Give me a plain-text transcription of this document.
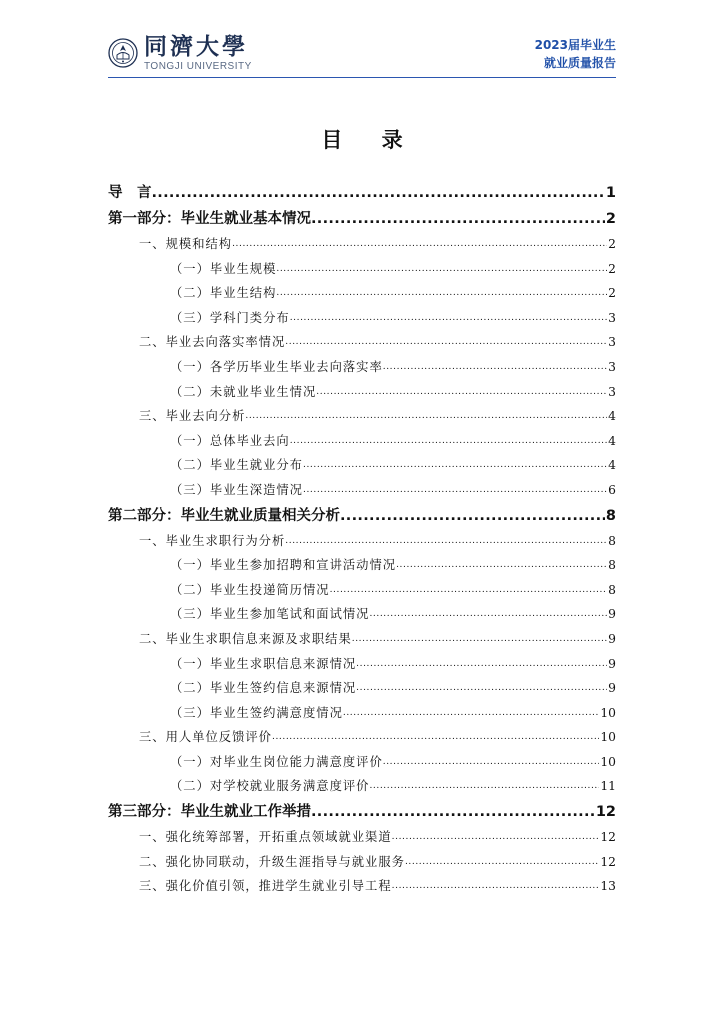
同濟大學
TONGJI UNIVERSITY
2023届毕业生
就业质量报告
目 录
导　言 .....	1
第一部分：毕业生就业基本情况 .....	2
一、规模和结构 .....	2
（一）毕业生规模 .....	2
（二）毕业生结构 .....	2
（三）学科门类分布 .....	3
二、毕业去向落实率情况 .....	3
（一）各学历毕业生毕业去向落实率 .....	3
（二）未就业毕业生情况 .....	3
三、毕业去向分析 .....	4
（一）总体毕业去向 .....	4
（二）毕业生就业分布 .....	4
（三）毕业生深造情况 .....	6
第二部分：毕业生就业质量相关分析 .....	8
一、毕业生求职行为分析 .....	8
（一）毕业生参加招聘和宣讲活动情况 .....	8
（二）毕业生投递简历情况 .....	8
（三）毕业生参加笔试和面试情况 .....	9
二、毕业生求职信息来源及求职结果 .....	9
（一）毕业生求职信息来源情况 .....	9
（二）毕业生签约信息来源情况 .....	9
（三）毕业生签约满意度情况 .....	10
三、用人单位反馈评价 .....	10
（一）对毕业生岗位能力满意度评价 .....	10
（二）对学校就业服务满意度评价 .....	11
第三部分：毕业生就业工作举措 .....	12
一、强化统筹部署，开拓重点领域就业渠道 .....	12
二、强化协同联动，升级生涯指导与就业服务 .....	12
三、强化价值引领，推进学生就业引导工程 .....	13
